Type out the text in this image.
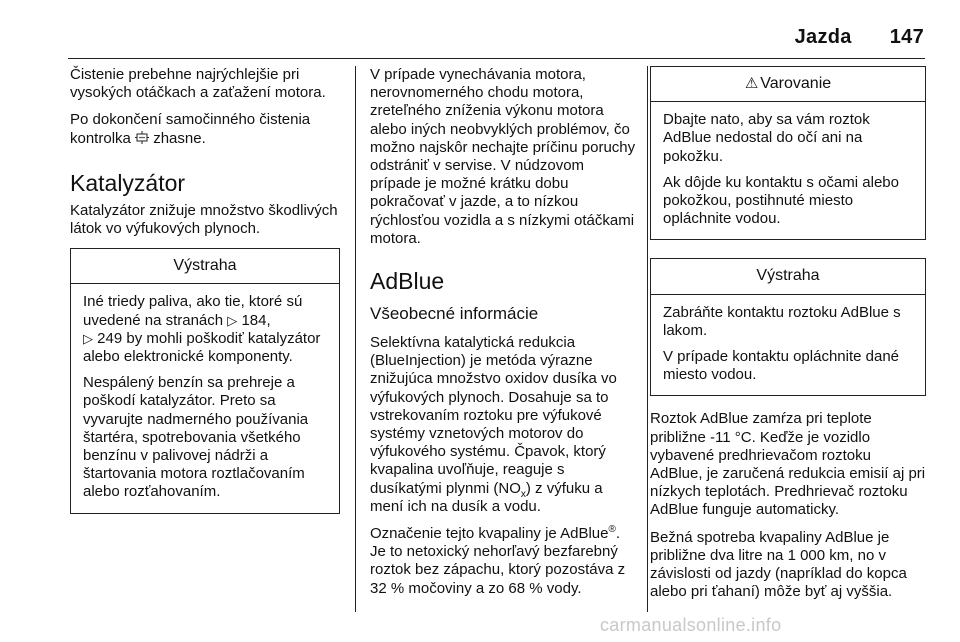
Jazda 147

Čistenie prebehne najrýchlejšie pri vysokých otáčkach a zaťažení motora.

Po dokončení samočinného čistenia kontrolka  zhasne.

Katalyzátor

Katalyzátor znižuje množstvo škodlivých látok vo výfukových plynoch.

Výstraha

Iné triedy paliva, ako tie, ktoré sú uvedené na stranách ▷ 184,
▷ 249 by mohli poškodiť katalyzátor alebo elektronické komponenty.

Nespálený benzín sa prehreje a poškodí katalyzátor. Preto sa vyvarujte nadmerného používania štartéra, spotrebovania všetkého benzínu v palivovej nádrži a štartovania motora roztlačovaním alebo rozťahovaním.

V prípade vynechávania motora, nerovnomerného chodu motora, zreteľného zníženia výkonu motora alebo iných neobvyklých problémov, čo možno najskôr nechajte príčinu poruchy odstrániť v servise. V núdzovom prípade je možné krátku dobu pokračovať v jazde, a to nízkou rýchlosťou vozidla a s nízkymi otáčkami motora.

AdBlue
Všeobecné informácie

Selektívna katalytická redukcia (BlueInjection) je metóda výrazne znižujúca množstvo oxidov dusíka vo výfukových plynoch. Dosahuje sa to vstrekovaním roztoku pre výfukové systémy vznetových motorov do výfukového systému. Čpavok, ktorý kvapalina uvoľňuje, reaguje s dusíkatými plynmi $(NO_x)$ z výfuku a mení ich na dusík a vodu.

Označenie tejto kvapaliny je AdBlue®. Je to netoxický nehorľavý bezfarebný roztok bez zápachu, ktorý pozostáva z 32 % močoviny a zo 68 % vody.

⚠ Varovanie

Dbajte nato, aby sa vám roztok AdBlue nedostal do očí ani na pokožku.

Ak dôjde ku kontaktu s očami alebo pokožkou, postihnuté miesto opláchnite vodou.

Výstraha

Zabráňte kontaktu roztoku AdBlue s lakom.

V prípade kontaktu opláchnite dané miesto vodou.

Roztok AdBlue zamŕza pri teplote približne -11 °C. Keďže je vozidlo vybavené predhrievačom roztoku AdBlue, je zaručená redukcia emisií aj pri nízkych teplotách. Predhrievač roztoku AdBlue funguje automaticky.

Bežná spotreba kvapaliny AdBlue je približne dva litre na 1 000 km, no v závislosti od jazdy (napríklad do kopca alebo pri ťahaní) môže byť aj vyššia.

carmanualsonline.info
